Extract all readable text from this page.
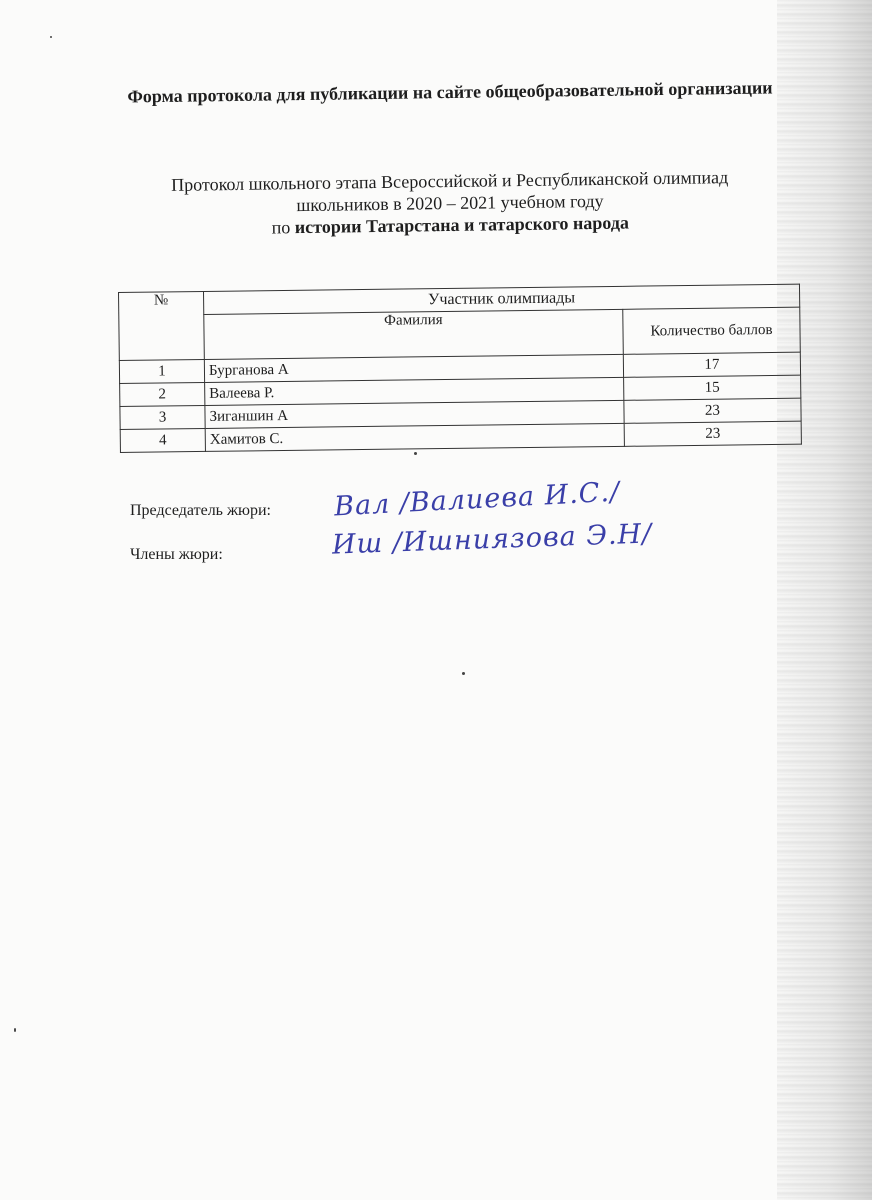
Форма протокола для публикации на сайте общеобразовательной организации
Протокол школьного этапа Всероссийской и Республиканской олимпиад
школьников в 2020 – 2021 учебном году
по истории Татарстана и татарского народа
№	Участник олимпиады	
	Фамилия	Количество баллов
1	Бурганова А	17
2	Валеева Р.	15
3	Зиганшин А	23
4	Хамитов С.	23
Председатель жюри: Вал /Валиева И.С./
Члены жюри:	Иш /Ишниязова Э.Н/
